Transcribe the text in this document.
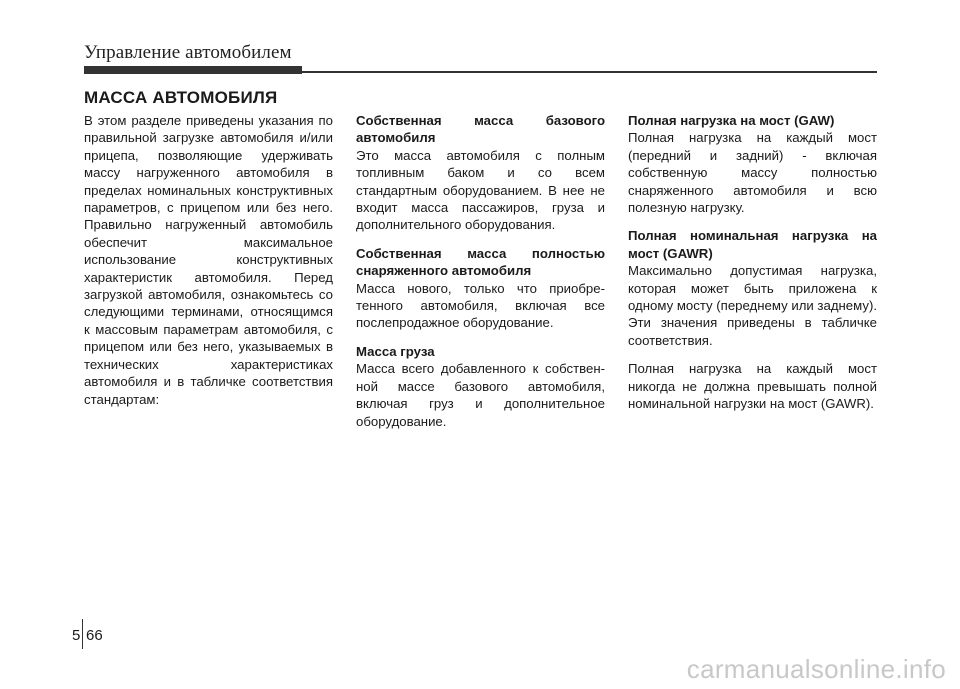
Управление автомобилем
МАССА АВТОМОБИЛЯ

В этом разделе приведены указания по правильной загрузке автомобиля и/или прицепа, позволяющие удерживать массу нагруженного автомобиля в пределах номинальных конструктивных параметров, с прицепом или без него. Правильно нагруженный автомобиль обеспечит максимальное использование конструктивных характеристик автомобиля. Перед загрузкой автомобиля, ознакомьтесь со следующими терминами, относящимся к массовым параметрам автомобиля, с прицепом или без него, указываемых в технических характеристиках автомобиля и в табличке соответствия стандартам:

Собственная масса базового автомобиля

Это масса автомобиля с полным топливным баком и со всем стандартным оборудованием. В нее не входит масса пассажиров, груза и дополнительного оборудования.

Собственная масса полностью снаряженного автомобиля

Масса нового, только что приобре-тенного автомобиля, включая все послепродажное оборудование.

Масса груза

Масса всего добавленного к собствен-ной массе базового автомобиля, включая груз и дополнительное оборудование.

Полная нагрузка на мост (GAW)

Полная нагрузка на каждый мост (передний и задний) - включая собственную массу полностью снаряженного автомобиля и всю полезную нагрузку.

Полная номинальная нагрузка на мост (GAWR)

Максимально допустимая нагрузка, которая может быть приложена к одному мосту (переднему или заднему). Эти значения приведены в табличке соответствия.

Полная нагрузка на каждый мост никогда не должна превышать полной номинальной нагрузки на мост (GAWR).

5 66
carmanualsonline.info
